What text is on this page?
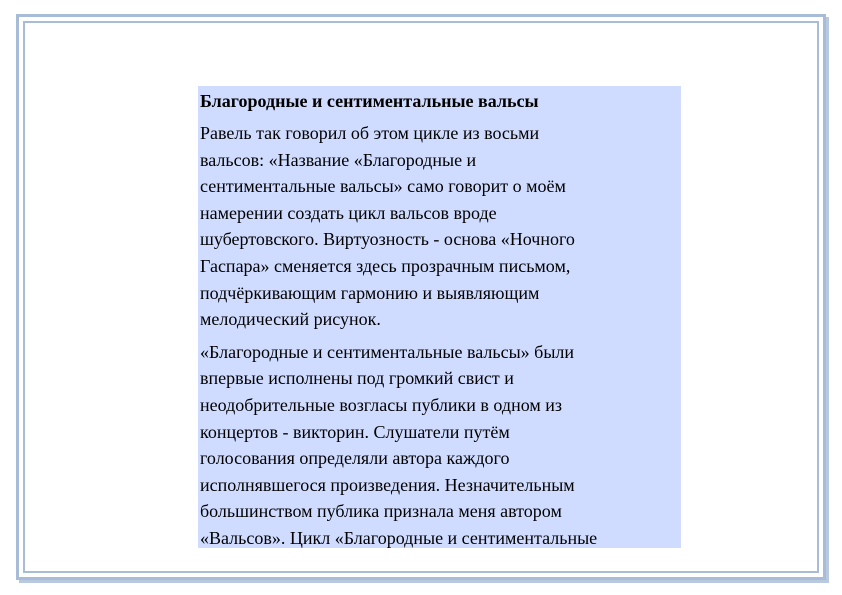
Благородные и сентиментальные вальсы
Равель так говорил об этом цикле из восьми
вальсов: «Название «Благородные и
сентиментальные вальсы» само говорит о моём
намерении создать цикл вальсов вроде
шубертовского. Виртуозность - основа «Ночного
Гаспара» сменяется здесь прозрачным письмом,
подчёркивающим гармонию и выявляющим
мелодический рисунок.
«Благородные и сентиментальные вальсы» были
впервые исполнены под громкий свист и
неодобрительные возгласы публики в одном из
концертов - викторин. Слушатели путём
голосования определяли автора каждого
исполнявшегося произведения. Незначительным
большинством публика признала меня автором
«Вальсов». Цикл «Благородные и сентиментальные
